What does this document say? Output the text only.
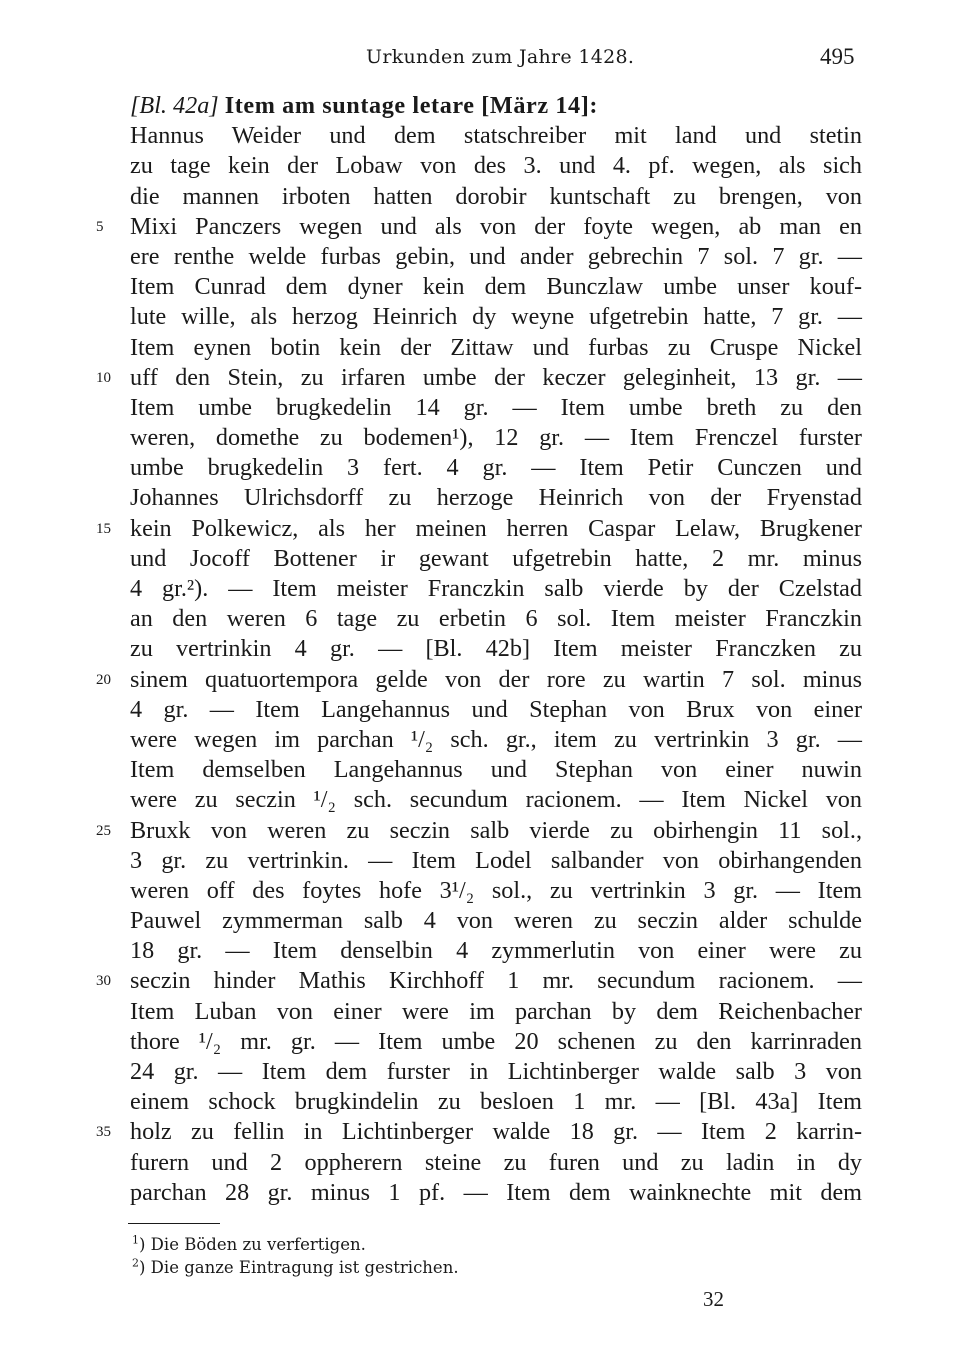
Urkunden zum Jahre 1428.	495
[Bl. 42a] Item am suntage letare [März 14]:
Hannus Weider und dem statschreiber mit land und stetin
zu tage kein der Lobaw von des 3. und 4. pf. wegen, als sich
die mannen irboten hatten dorobir kuntschaft zu brengen, von
5	Mixi Panczers wegen und als von der foyte wegen, ab man en
ere renthe welde furbas gebin, und ander gebrechin 7 sol. 7 gr. —
Item Cunrad dem dyner kein dem Bunczlaw umbe unser kouf-
lute wille, als herzog Heinrich dy weyne ufgetrebin hatte, 7 gr. —
Item eynen botin kein der Zittaw und furbas zu Cruspe Nickel
10 uff den Stein, zu irfaren umbe der keczer geleginheit, 13 gr. —
Item umbe brugkedelin 14 gr. — Item umbe breth zu den
weren, domethe zu bodemen¹), 12 gr. — Item Frenczel furster
umbe brugkedelin 3 fert. 4 gr. — Item Petir Cunczen und
Johannes Ulrichsdorff zu herzoge Heinrich von der Fryenstad
15 kein Polkewicz, als her meinen herren Caspar Lelaw, Brugkener
und Jocoff Bottener ir gewant ufgetrebin hatte, 2 mr. minus
4 gr.²). — Item meister Franczkin salb vierde by der Czelstad
an den weren 6 tage zu erbetin 6 sol. Item meister Franczkin
zu vertrinkin 4 gr. — [Bl. 42b] Item meister Franczken zu
20 sinem quatuortempora gelde von der rore zu wartin 7 sol. minus
4 gr. — Item Langehannus und Stephan von Brux von einer
were wegen im parchan ¹/₂ sch. gr., item zu vertrinkin 3 gr. —
Item demselben Langehannus und Stephan von einer nuwin
were zu seczin ¹/₂ sch. secundum racionem. — Item Nickel von
25 Bruxk von weren zu seczin salb vierde zu obirhengin 11 sol.,
3 gr. zu vertrinkin. — Item Lodel salbander von obirhangenden
weren off des foytes hofe 3¹/₂ sol., zu vertrinkin 3 gr. — Item
Pauwel zymmerman salb 4 von weren zu seczin alder schulde
18 gr. — Item denselbin 4 zymmerlutin von einer were zu
30 seczin hinder Mathis Kirchhoff 1 mr. secundum racionem. —
Item Luban von einer were im parchan by dem Reichenbacher
thore ¹/₂ mr. gr. — Item umbe 20 schenen zu den karrinraden
24 gr. — Item dem furster in Lichtinberger walde salb 3 von
einem schock brugkindelin zu besloen 1 mr. — [Bl. 43a] Item
35 holz zu fellin in Lichtinberger walde 18 gr. — Item 2 karrin-
furern und 2 oppherern steine zu furen und zu ladin in dy
parchan 28 gr. minus 1 pf. — Item dem wainknechte mit dem
$^1$) Die Böden zu verfertigen.
$^2$) Die ganze Eintragung ist gestrichen.
32
